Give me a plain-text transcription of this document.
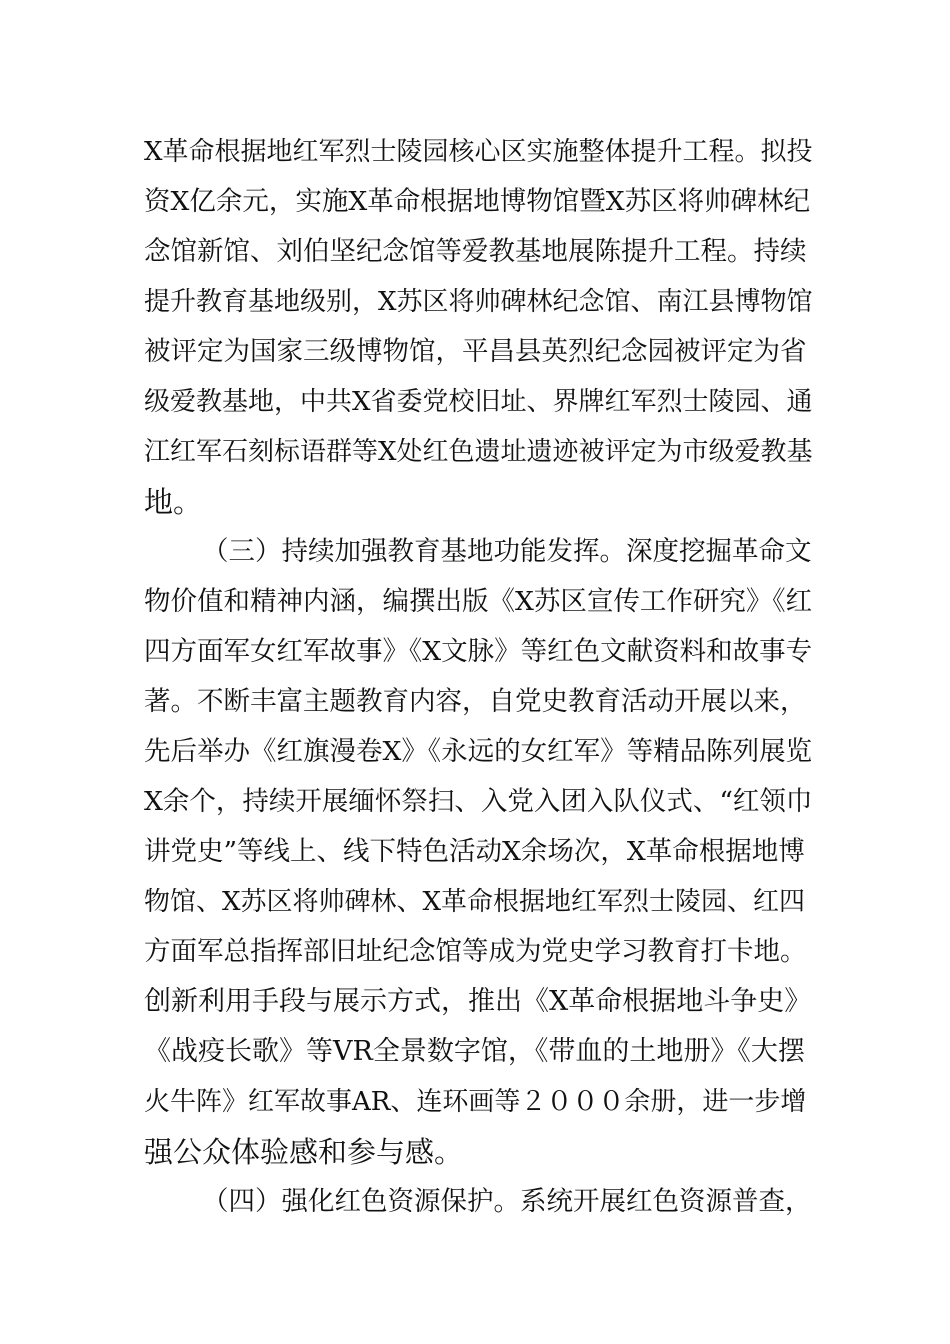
X革命根据地红军烈士陵园核心区实施整体提升工程。拟投
资X亿余元，实施X革命根据地博物馆暨X苏区将帅碑林纪
念馆新馆、刘伯坚纪念馆等爱教基地展陈提升工程。持续
提升教育基地级别，X苏区将帅碑林纪念馆、南江县博物馆
被评定为国家三级博物馆，平昌县英烈纪念园被评定为省
级爱教基地，中共X省委党校旧址、界牌红军烈士陵园、通
江红军石刻标语群等X处红色遗址遗迹被评定为市级爱教基
地。
（三）持续加强教育基地功能发挥。深度挖掘革命文
物价值和精神内涵，编撰出版《X苏区宣传工作研究》《红
四方面军女红军故事》《X文脉》等红色文献资料和故事专
著。不断丰富主题教育内容，自党史教育活动开展以来，
先后举办《红旗漫卷X》《永远的女红军》等精品陈列展览
X余个，持续开展缅怀祭扫、入党入团入队仪式、“红领巾
讲党史”等线上、线下特色活动X余场次，X革命根据地博
物馆、X苏区将帅碑林、X革命根据地红军烈士陵园、红四
方面军总指挥部旧址纪念馆等成为党史学习教育打卡地。
创新利用手段与展示方式，推出《X革命根据地斗争史》
《战疫长歌》等VR全景数字馆，《带血的土地册》《大摆
火牛阵》红军故事AR、连环画等２０００余册，进一步增
强公众体验感和参与感。
（四）强化红色资源保护。系统开展红色资源普查，
